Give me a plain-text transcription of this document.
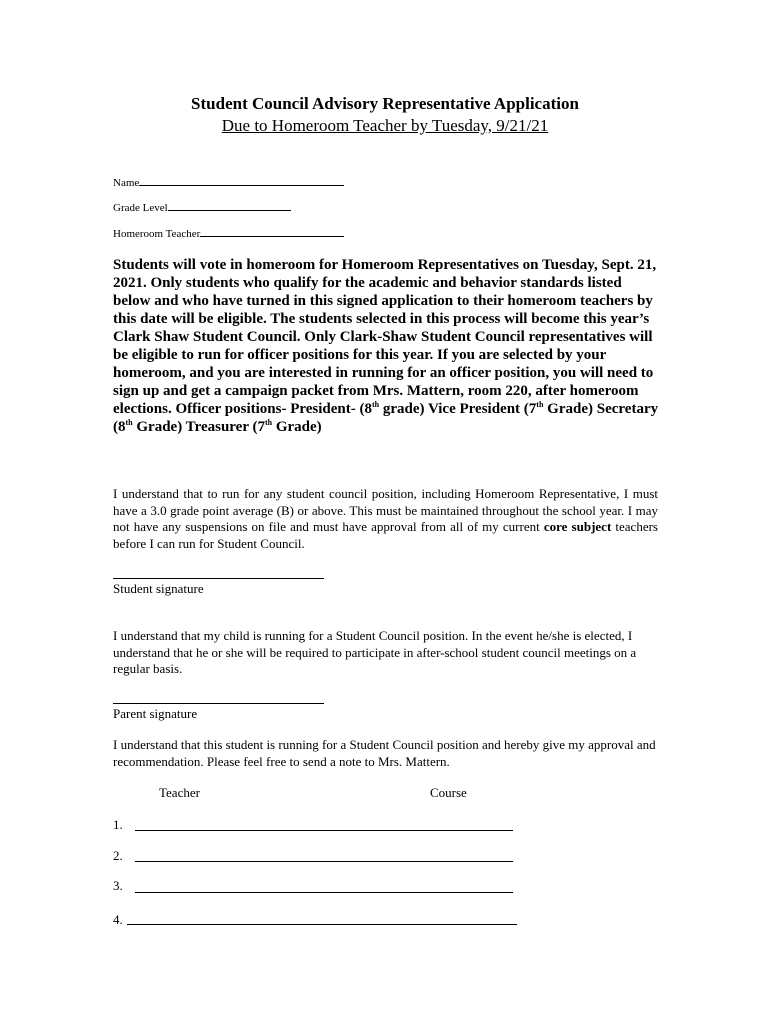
Student Council Advisory Representative Application
Due to Homeroom Teacher by Tuesday, 9/21/21
Name
Grade Level
Homeroom Teacher
Students will vote in homeroom for Homeroom Representatives on Tuesday, Sept. 21, 2021. Only students who qualify for the academic and behavior standards listed below and who have turned in this signed application to their homeroom teachers by this date will be eligible. The students selected in this process will become this year’s Clark Shaw Student Council. Only Clark-Shaw Student Council representatives will be eligible to run for officer positions for this year. If you are selected by your homeroom, and you are interested in running for an officer position, you will need to sign up and get a campaign packet from Mrs. Mattern, room 220, after homeroom elections. Officer positions- President- (8th grade) Vice President (7th Grade) Secretary (8th Grade) Treasurer (7th Grade)
I understand that to run for any student council position, including Homeroom Representative, I must have a 3.0 grade point average (B) or above. This must be maintained throughout the school year. I may not have any suspensions on file and must have approval from all of my current core subject teachers before I can run for Student Council.
Student signature
I understand that my child is running for a Student Council position. In the event he/she is elected, I understand that he or she will be required to participate in after-school student council meetings on a regular basis.
Parent signature
I understand that this student is running for a Student Council position and hereby give my approval and recommendation. Please feel free to send a note to Mrs. Mattern.
Teacher	Course
1.
2.
3.
4.
